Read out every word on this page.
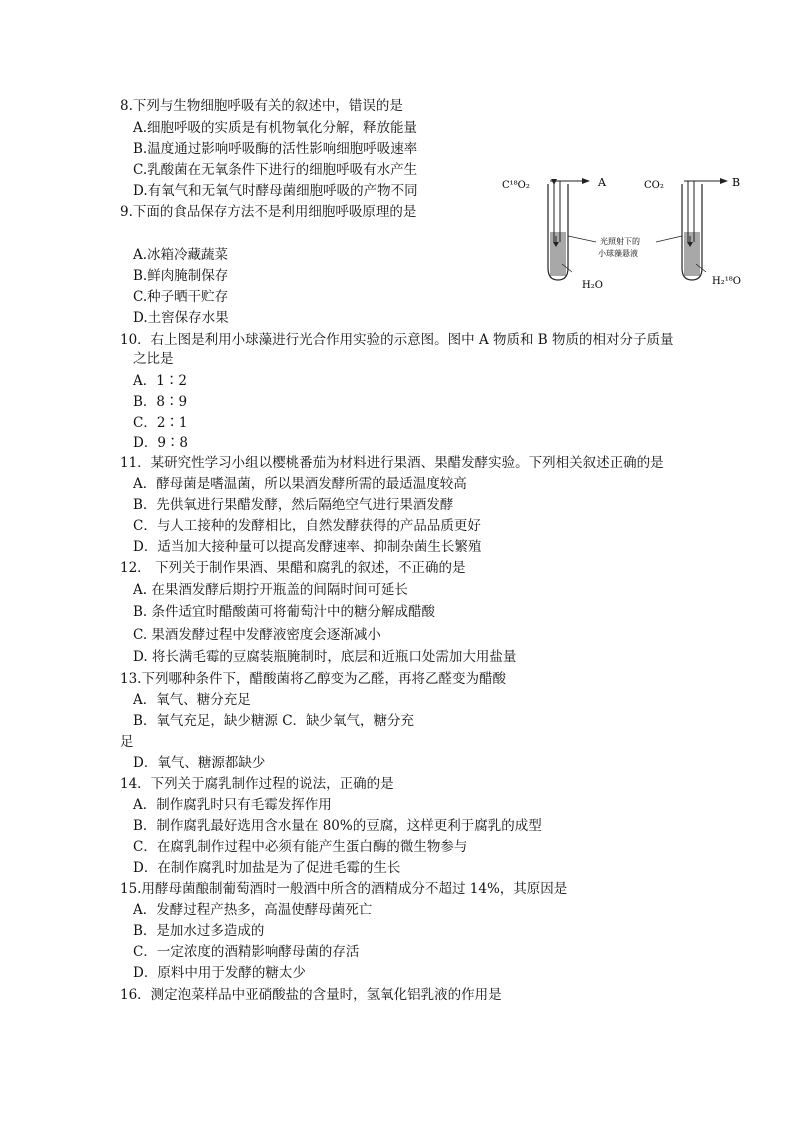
8.下列与生物细胞呼吸有关的叙述中，错误的是
A.细胞呼吸的实质是有机物氧化分解，释放能量
B.温度通过影响呼吸酶的活性影响细胞呼吸速率
C.乳酸菌在无氧条件下进行的细胞呼吸有水产生
D.有氧气和无氧气时酵母菌细胞呼吸的产物不同
9.下面的食品保存方法不是利用细胞呼吸原理的是
A.冰箱冷藏蔬菜
B.鲜肉腌制保存
C.种子晒干贮存
D.土窖保存水果
10．右上图是利用小球藻进行光合作用实验的示意图。图中 A 物质和 B 物质的相对分子质量
之比是
A．1∶2
B．8∶9
C．2∶1
D．9∶8
11．某研究性学习小组以樱桃番茄为材料进行果酒、果醋发酵实验。下列相关叙述正确的是
A．酵母菌是嗜温菌，所以果酒发酵所需的最适温度较高
B．先供氧进行果醋发酵，然后隔绝空气进行果酒发酵
C．与人工接种的发酵相比，自然发酵获得的产品品质更好
D．适当加大接种量可以提高发酵速率、抑制杂菌生长繁殖
12． 下列关于制作果酒、果醋和腐乳的叙述，不正确的是
A. 在果酒发酵后期拧开瓶盖的间隔时间可延长
B. 条件适宜时醋酸菌可将葡萄汁中的糖分解成醋酸
C. 果酒发酵过程中发酵液密度会逐渐减小
D. 将长满毛霉的豆腐装瓶腌制时，底层和近瓶口处需加大用盐量
13.下列哪种条件下，醋酸菌将乙醇变为乙醛，再将乙醛变为醋酸
A．氧气、糖分充足
B．氧气充足，缺少糖源 C．缺少氧气，糖分充
足
D．氧气、糖源都缺少
14．下列关于腐乳制作过程的说法，正确的是
A．制作腐乳时只有毛霉发挥作用
B．制作腐乳最好选用含水量在 80%的豆腐，这样更利于腐乳的成型
C．在腐乳制作过程中必须有能产生蛋白酶的微生物参与
D．在制作腐乳时加盐是为了促进毛霉的生长
15.用酵母菌酿制葡萄酒时一般酒中所含的酒精成分不超过 14%，其原因是
A．发酵过程产热多，高温使酵母菌死亡
B．是加水过多造成的
C．一定浓度的酒精影响酵母菌的存活
D．原料中用于发酵的糖太少
16．测定泡菜样品中亚硝酸盐的含量时，氢氧化铝乳液的作用是
C¹⁸O₂	A
H₂O
CO₂	B
H₂¹⁸O
光照射下的
小球藻悬液
